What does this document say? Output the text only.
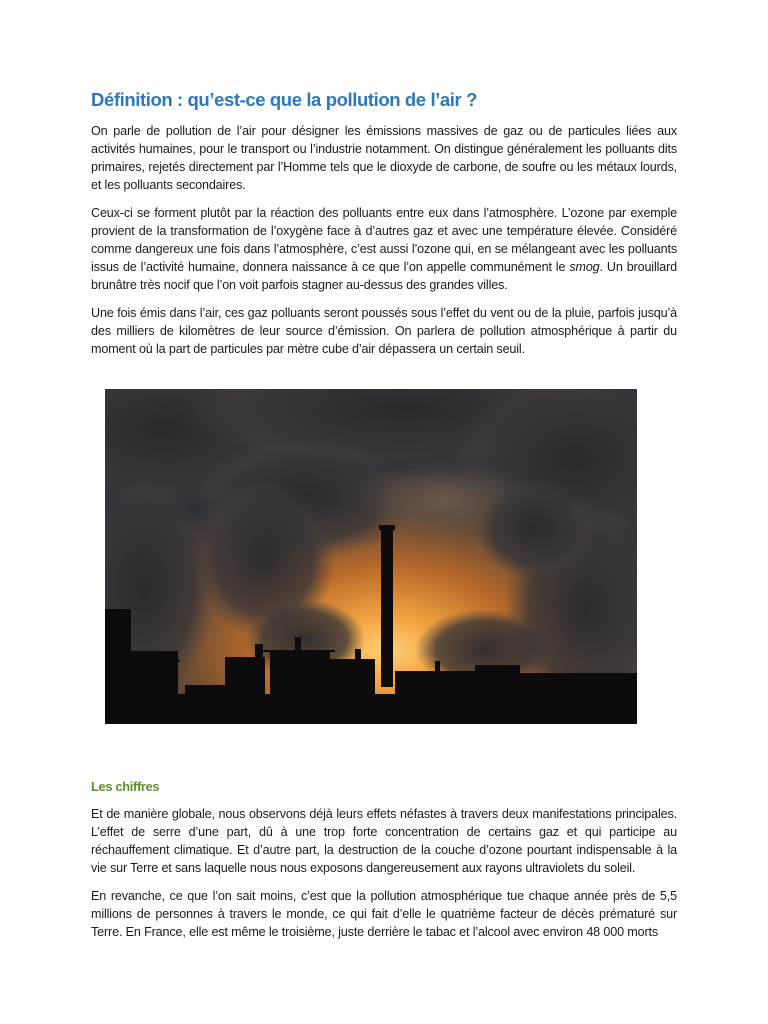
Définition : qu’est-ce que la pollution de l’air ?

On parle de pollution de l’air pour désigner les émissions massives de gaz ou de particules liées aux activités humaines, pour le transport ou l’industrie notamment. On distingue généralement les polluants dits primaires, rejetés directement par l’Homme tels que le dioxyde de carbone, de soufre ou les métaux lourds, et les polluants secondaires.

Ceux-ci se forment plutôt par la réaction des polluants entre eux dans l’atmosphère. L’ozone par exemple provient de la transformation de l’oxygène face à d’autres gaz et avec une température élevée. Considéré comme dangereux une fois dans l’atmosphère, c’est aussi l’ozone qui, en se mélangeant avec les polluants issus de l’activité humaine, donnera naissance à ce que l’on appelle communément le smog. Un brouillard brunâtre très nocif que l’on voit parfois stagner au-dessus des grandes villes.

Une fois émis dans l’air, ces gaz polluants seront poussés sous l’effet du vent ou de la pluie, parfois jusqu’à des milliers de kilomètres de leur source d’émission. On parlera de pollution atmosphérique à partir du moment où la part de particules par mètre cube d’air dépassera un certain seuil.

Les chiffres

Et de manière globale, nous observons déjà leurs effets néfastes à travers deux manifestations principales. L’effet de serre d’une part, dû à une trop forte concentration de certains gaz et qui participe au réchauffement climatique. Et d’autre part, la destruction de la couche d’ozone pourtant indispensable à la vie sur Terre et sans laquelle nous nous exposons dangereusement aux rayons ultraviolets du soleil.

En revanche, ce que l’on sait moins, c’est que la pollution atmosphérique tue chaque année près de 5,5 millions de personnes à travers le monde, ce qui fait d’elle le quatrième facteur de décès prématuré sur Terre. En France, elle est même le troisième, juste derrière le tabac et l’alcool avec environ 48 000 morts
